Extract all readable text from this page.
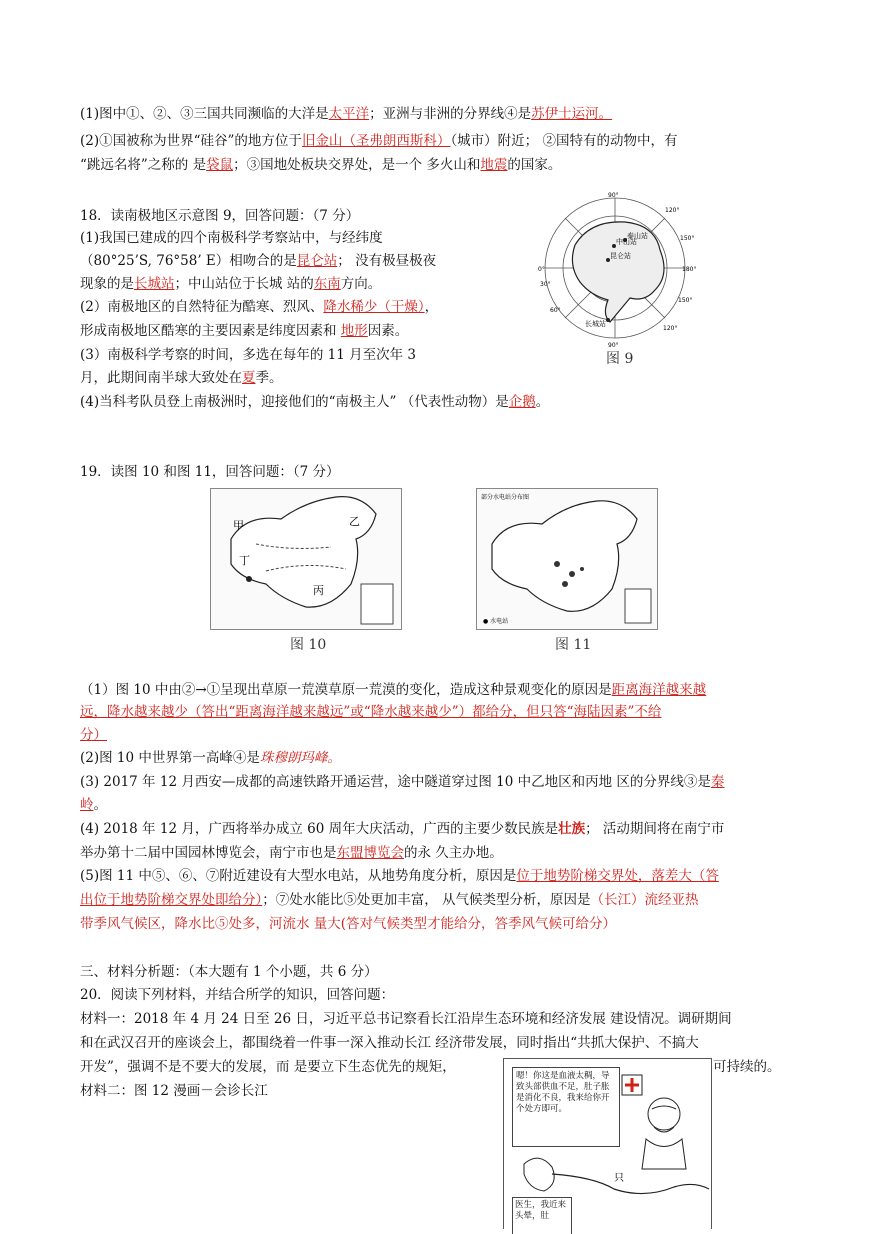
(1)图中①、②、③三国共同濒临的大洋是太平洋；亚洲与非洲的分界线④是苏伊士运河。
(2)①国被称为世界“硅谷”的地方位于旧金山（圣弗朗西斯科）（城市）附近； ②国特有的动物中，有
“跳远名将”之称的 是袋鼠；③国地处板块交界处，是一个 多火山和地震的国家。
18．读南极地区示意图 9，回答问题：（7 分）
(1)我国已建成的四个南极科学考察站中，与经纬度
（80°25’S, 76°58’ E）相吻合的是昆仑站； 没有极昼极夜
现象的是长城站；中山站位于长城 站的东南方向。
(2）南极地区的自然特征为酷寒、烈风、降水稀少（干燥），
形成南极地区酷寒的主要因素是纬度因素和 地形因素。
(3）南极科学考察的时间，多选在每年的 11 月至次年 3
月，此期间南半球大致处在夏季。
(4)当科考队员登上南极洲时，迎接他们的“南极主人” （代表性动物）是企鹅。
中山站
泰山站
昆仑站
长城站
90°
120°
150°
180°
150°
120°
90°
60°
30°
0°
图 9
19．读图 10 和图 11，回答问题：（7 分）
甲	乙
丁
丙
图 10
部分水电站分布图
● 水电站
图 11
（1）图 10 中由②→①呈现出草原一荒漠草原一荒漠的变化，造成这种景观变化的原因是距离海洋越来越
远，降水越来越少（答出“距离海洋越来越远”或“降水越来越少”）都给分，但只答“海陆因素”不给
分）
(2)图 10 中世界第一高峰④是珠穆朗玛峰。
(3) 2017 年 12 月西安—成都的高速铁路开通运营，途中隧道穿过图 10 中乙地区和丙地 区的分界线③是秦
岭。
(4) 2018 年 12 月，广西将举办成立 60 周年大庆活动，广西的主要少数民族是壮族； 活动期间将在南宁市
举办第十二届中国园林博览会，南宁市也是东盟博览会的永 久主办地。
(5)图 11 中⑤、⑥、⑦附近建设有大型水电站，从地势角度分析，原因是位于地势阶梯交界处，落差大（答
出位于地势阶梯交界处即给分）；⑦处水能比⑤处更加丰富， 从气候类型分析，原因是（长江）流经亚热
带季风气候区，降水比⑤处多，河流水 量大(答对气候类型才能给分，答季风气候可给分）
三、材料分析题：（本大题有 1 个小题，共 6 分）
20．阅读下列材料，并结合所学的知识，回答问题：
材料一：2018 年 4 月 24 日至 26 日，习近平总书记察看长江沿岸生态环境和经济发展 建设情况。调研期间
和在武汉召开的座谈会上，都围绕着一件事一深入推动长江 经济带发展，同时指出“共抓大保护、不搞大
开发”，强调不是不要大的发展，而 是要立下生态优先的规矩，	可持续的。
材料二：图 12 漫画－会诊长江
嗯！你这是血液太稠，导致头部供血不足，肚子胀是消化不良，我来给你开个处方即可。
只
医生，我近来头晕，肚
